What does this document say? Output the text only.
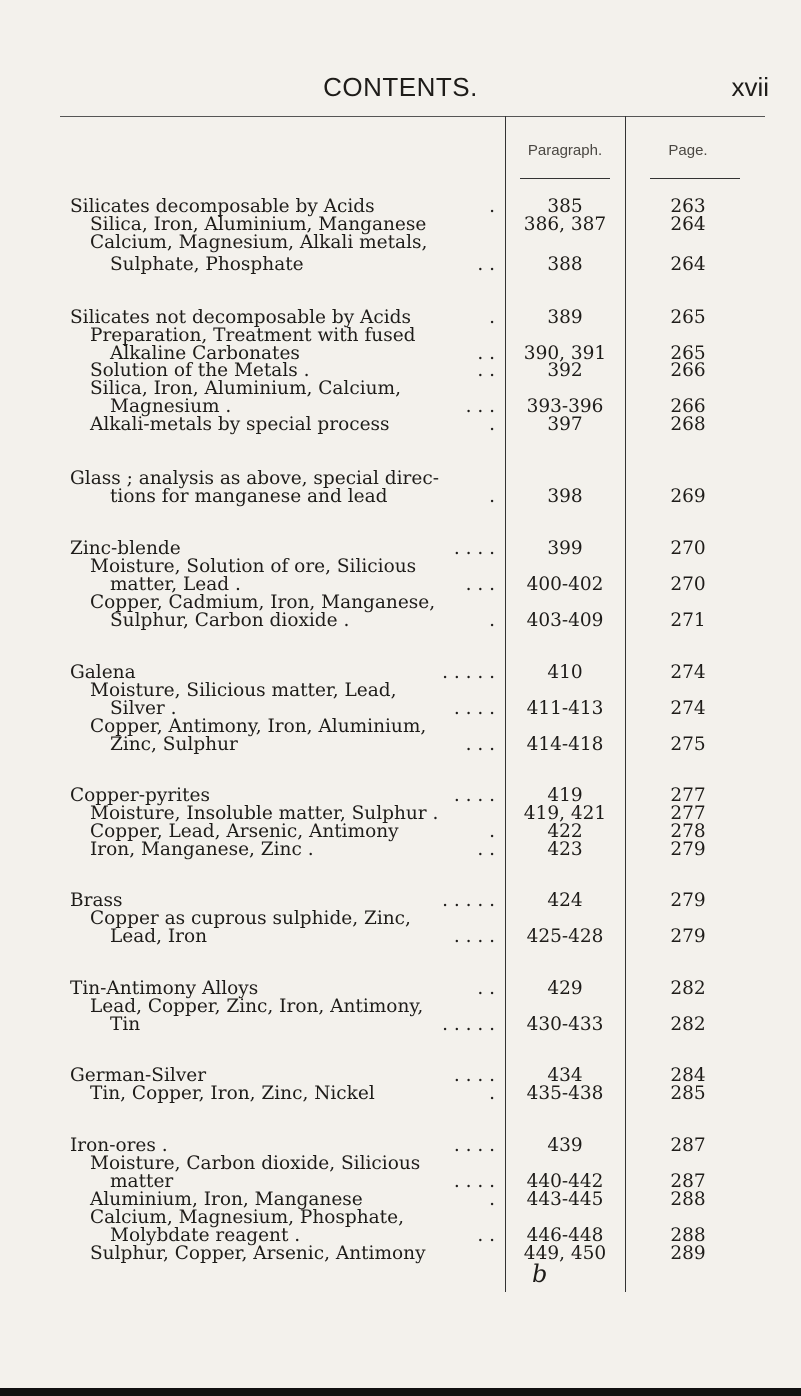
CONTENTS.	xvii
Paragraph.	Page.
Silicates decomposable by Acids	.	385	263
Silica, Iron, Aluminium, Manganese	386, 387	264
Calcium, Magnesium, Alkali metals,
Sulphate, Phosphate	. .	388	264
Silicates not decomposable by Acids	.	389	265
Preparation, Treatment with fused
Alkaline Carbonates	. .	390, 391	265
Solution of the Metals .	. .	392	266
Silica, Iron, Aluminium, Calcium,
Magnesium .	. . .	393-396	266
Alkali-metals by special process	.	397	268
Glass ; analysis as above, special direc-
tions for manganese and lead	.	398	269
Zinc-blende	. . . .	399	270
Moisture, Solution of ore, Silicious
matter, Lead .	. . .	400-402	270
Copper, Cadmium, Iron, Manganese,
Sulphur, Carbon dioxide .	.	403-409	271
Galena	. . . . .	410	274
Moisture, Silicious matter, Lead,
Silver .	. . . .	411-413	274
Copper, Antimony, Iron, Aluminium,
Zinc, Sulphur	. . .	414-418	275
Copper-pyrites	. . . .	419	277
Moisture, Insoluble matter, Sulphur .	419, 421	277
Copper, Lead, Arsenic, Antimony	.	422	278
Iron, Manganese, Zinc .	. .	423	279
Brass	. . . . .	424	279
Copper as cuprous sulphide, Zinc,
Lead, Iron	. . . .	425-428	279
Tin-Antimony Alloys	. .	429	282
Lead, Copper, Zinc, Iron, Antimony,
Tin	. . . . .	430-433	282
German-Silver	. . . .	434	284
Tin, Copper, Iron, Zinc, Nickel	.	435-438	285
Iron-ores .	. . . .	439	287
Moisture, Carbon dioxide, Silicious
matter	. . . .	440-442	287
Aluminium, Iron, Manganese	.	443-445	288
Calcium, Magnesium, Phosphate,
Molybdate reagent .	. .	446-448	288
Sulphur, Copper, Arsenic, Antimony	449, 450	289
b
